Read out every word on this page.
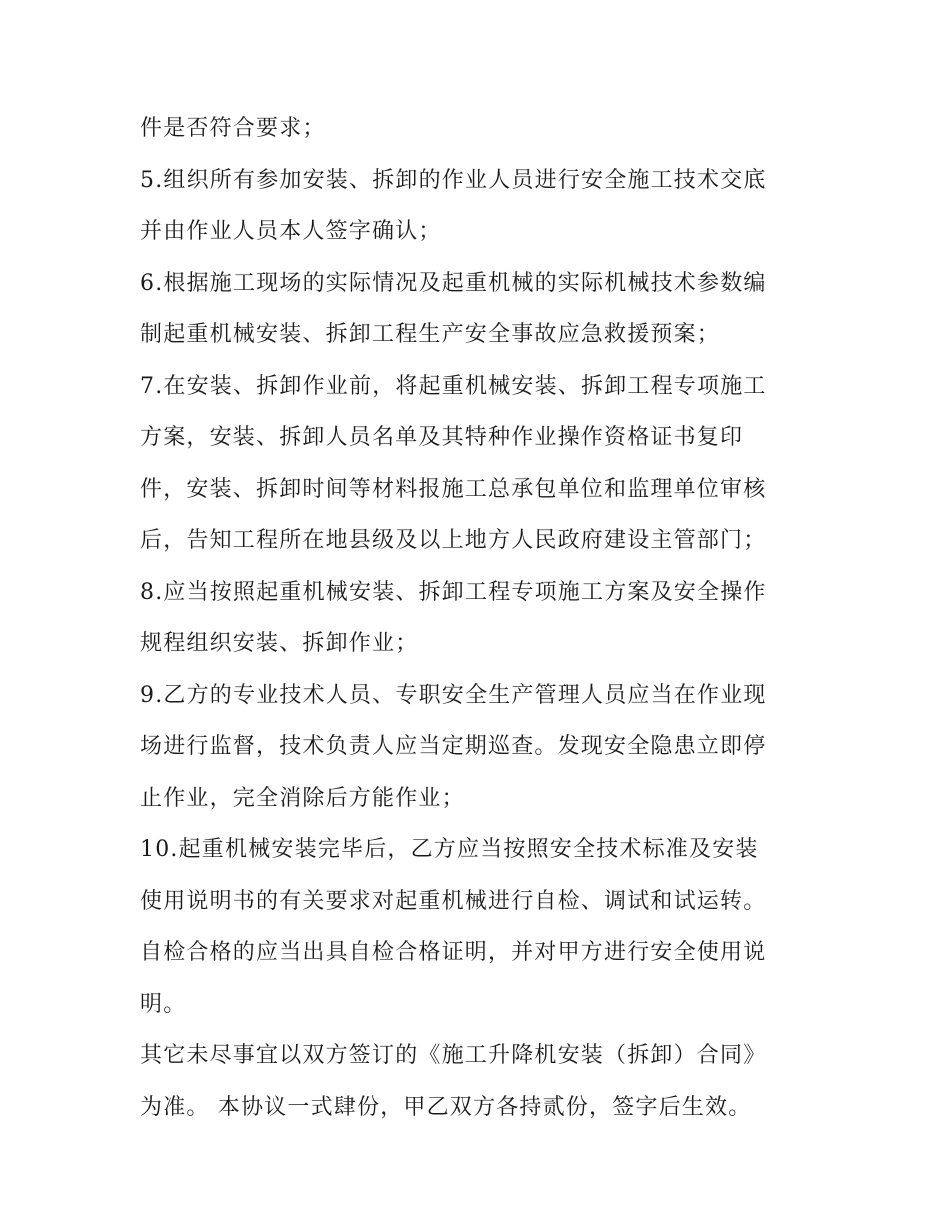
件是否符合要求；
5.组织所有参加安装、拆卸的作业人员进行安全施工技术交底
并由作业人员本人签字确认；
6.根据施工现场的实际情况及起重机械的实际机械技术参数编
制起重机械安装、拆卸工程生产安全事故应急救援预案；
7.在安装、拆卸作业前，将起重机械安装、拆卸工程专项施工
方案，安装、拆卸人员名单及其特种作业操作资格证书复印
件，安装、拆卸时间等材料报施工总承包单位和监理单位审核
后，告知工程所在地县级及以上地方人民政府建设主管部门；
8.应当按照起重机械安装、拆卸工程专项施工方案及安全操作
规程组织安装、拆卸作业；
9.乙方的专业技术人员、专职安全生产管理人员应当在作业现
场进行监督，技术负责人应当定期巡查。发现安全隐患立即停
止作业，完全消除后方能作业；
10.起重机械安装完毕后，乙方应当按照安全技术标准及安装
使用说明书的有关要求对起重机械进行自检、调试和试运转。
自检合格的应当出具自检合格证明，并对甲方进行安全使用说
明。
其它未尽事宜以双方签订的《施工升降机安装（拆卸）合同》
为准。 本协议一式肆份，甲乙双方各持贰份，签字后生效。
